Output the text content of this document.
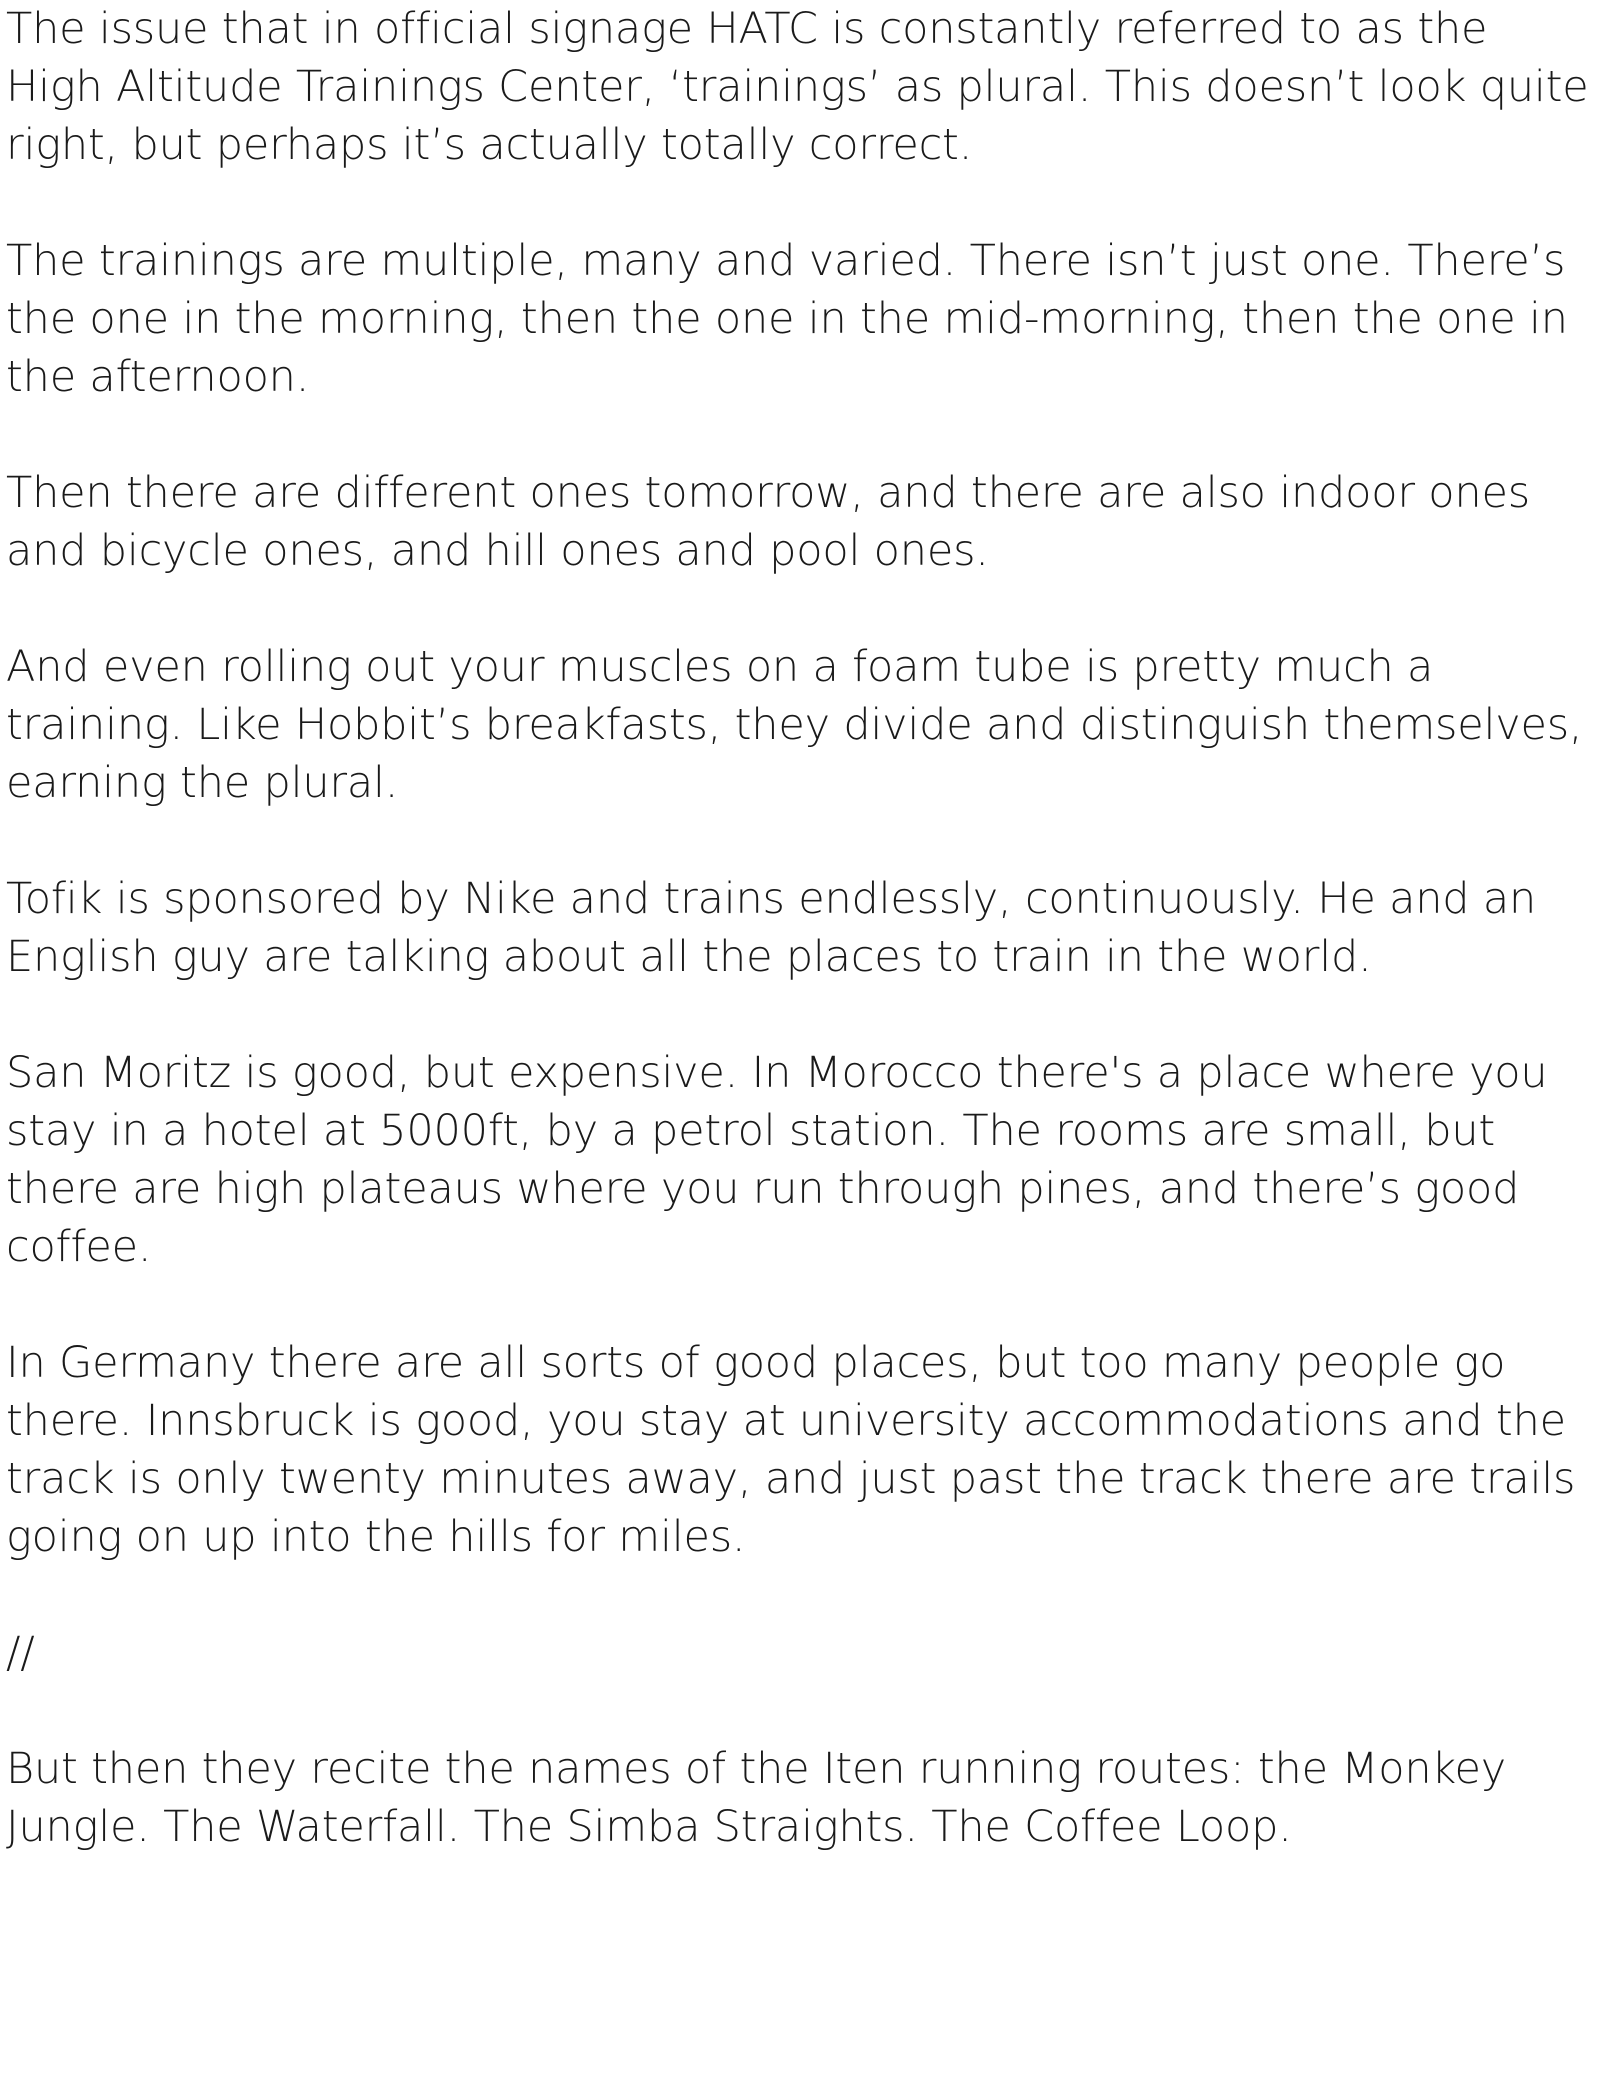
The issue that in official signage HATC is constantly referred to as the High Altitude Trainings Center, ‘trainings’ as plural. This doesn’t look quite right, but perhaps it’s actually totally correct.

The trainings are multiple, many and varied. There isn’t just one. There’s the one in the morning, then the one in the mid-morning, then the one in the afternoon.

Then there are different ones tomorrow, and there are also indoor ones and bicycle ones, and hill ones and pool ones.

And even rolling out your muscles on a foam tube is pretty much a training. Like Hobbit’s breakfasts, they divide and distinguish themselves, earning the plural.

Tofik is sponsored by Nike and trains endlessly, continuously. He and an English guy are talking about all the places to train in the world.

San Moritz is good, but expensive. In Morocco there's a place where you stay in a hotel at 5000ft, by a petrol station. The rooms are small, but there are high plateaus where you run through pines, and there’s good coffee.

In Germany there are all sorts of good places, but too many people go there. Innsbruck is good, you stay at university accommodations and the track is only twenty minutes away, and just past the track there are trails going on up into the hills for miles.

//

But then they recite the names of the Iten running routes: the Monkey Jungle. The Waterfall. The Simba Straights. The Coffee Loop.
